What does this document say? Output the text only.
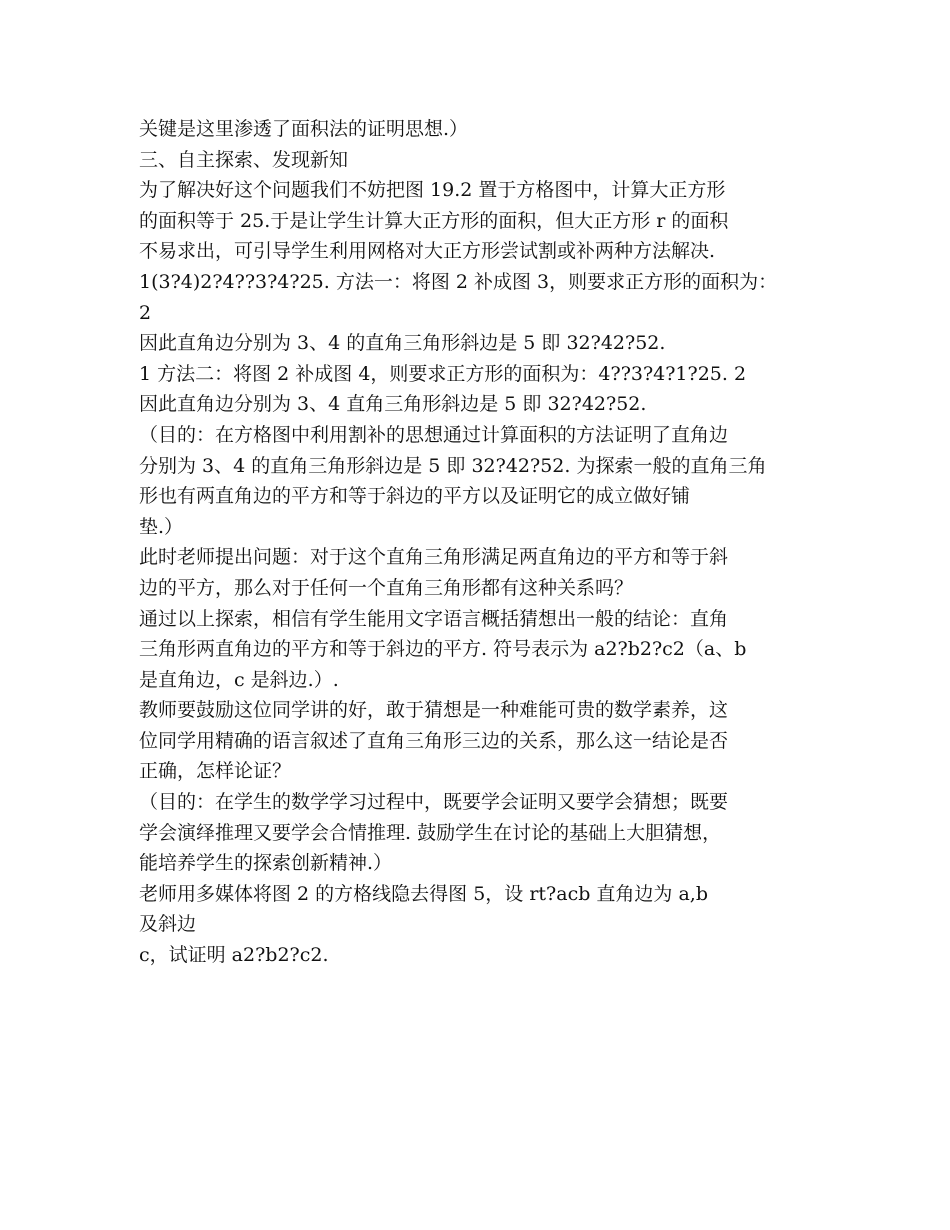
关键是这里渗透了面积法的证明思想.）
三、自主探索、发现新知
为了解决好这个问题我们不妨把图 19.2 置于方格图中，计算大正方形
的面积等于 25.于是让学生计算大正方形的面积，但大正方形 r 的面积
不易求出，可引导学生利用网格对大正方形尝试割或补两种方法解决.
1(3?4)2?4??3?4?25. 方法一：将图 2 补成图 3，则要求正方形的面积为：
2
因此直角边分别为 3、4 的直角三角形斜边是 5 即 32?42?52.
1 方法二：将图 2 补成图 4，则要求正方形的面积为：4??3?4?1?25. 2
因此直角边分别为 3、4 直角三角形斜边是 5 即 32?42?52.
（目的：在方格图中利用割补的思想通过计算面积的方法证明了直角边
分别为 3、4 的直角三角形斜边是 5 即 32?42?52. 为探索一般的直角三角
形也有两直角边的平方和等于斜边的平方以及证明它的成立做好铺
垫.）
此时老师提出问题：对于这个直角三角形满足两直角边的平方和等于斜
边的平方，那么对于任何一个直角三角形都有这种关系吗？
通过以上探索，相信有学生能用文字语言概括猜想出一般的结论：直角
三角形两直角边的平方和等于斜边的平方. 符号表示为 a2?b2?c2（a、b
是直角边，c 是斜边.）.
教师要鼓励这位同学讲的好，敢于猜想是一种难能可贵的数学素养，这
位同学用精确的语言叙述了直角三角形三边的关系，那么这一结论是否
正确，怎样论证？
（目的：在学生的数学学习过程中，既要学会证明又要学会猜想；既要
学会演绎推理又要学会合情推理. 鼓励学生在讨论的基础上大胆猜想，
能培养学生的探索创新精神.）
老师用多媒体将图 2 的方格线隐去得图 5，设 rt?acb 直角边为 a,b
及斜边
c，试证明 a2?b2?c2.
